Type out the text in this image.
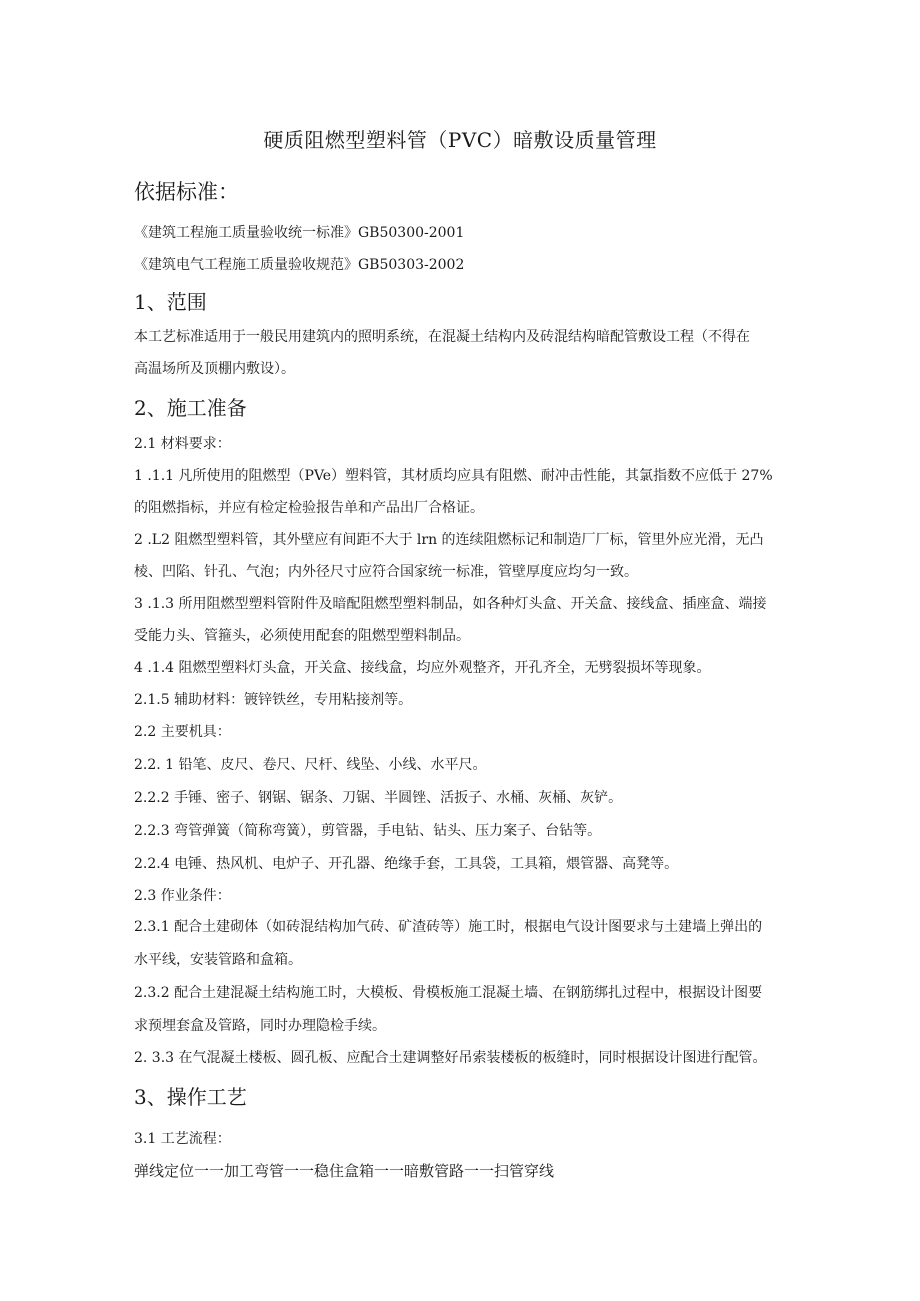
硬质阻燃型塑料管（PVC）暗敷设质量管理
依据标准：
《建筑工程施工质量验收统一标准》GB50300-2001
《建筑电气工程施工质量验收规范》GB50303-2002
1、范围
本工艺标准适用于一般民用建筑内的照明系统，在混凝土结构内及砖混结构暗配管敷设工程（不得在
高温场所及顶棚内敷设）。
2、施工准备
2.1 材料要求：
1 .1.1 凡所使用的阻燃型（PVe）塑料管，其材质均应具有阻燃、耐冲击性能，其氯指数不应低于 27%
的阻燃指标，并应有检定检验报告单和产品出厂合格证。
2 .L2 阻燃型塑料管，其外壁应有间距不大于 lrn 的连续阻燃标记和制造厂厂标，管里外应光滑，无凸
棱、凹陷、针孔、气泡；内外径尺寸应符合国家统一标准，管壁厚度应均匀一致。
3 .1.3 所用阻燃型塑料管附件及暗配阻燃型塑料制品，如各种灯头盒、开关盒、接线盒、插座盒、端接
受能力头、管箍头，必须使用配套的阻燃型塑料制品。
4 .1.4 阻燃型塑料灯头盒，开关盒、接线盒，均应外观整齐，开孔齐全，无劈裂损坏等现象。
2.1.5 辅助材料：镀锌铁丝，专用粘接剂等。
2.2 主要机具：
2.2. 1 铅笔、皮尺、卷尺、尺杆、线坠、小线、水平尺。
2.2.2 手锤、密子、钢锯、锯条、刀锯、半圆锉、活扳子、水桶、灰桶、灰铲。
2.2.3 弯管弹簧（简称弯簧），剪管器，手电钻、钻头、压力案子、台钻等。
2.2.4 电锤、热风机、电炉子、开孔器、绝缘手套，工具袋，工具箱，煨管器、高凳等。
2.3 作业条件：
2.3.1 配合土建砌体（如砖混结构加气砖、矿渣砖等）施工时，根据电气设计图要求与土建墙上弹出的
水平线，安装管路和盒箱。
2.3.2 配合土建混凝土结构施工时，大模板、骨模板施工混凝土墙、在钢筋绑扎过程中，根据设计图要
求预埋套盒及管路，同时办理隐检手续。
2. 3.3 在气混凝土楼板、圆孔板、应配合土建调整好吊索装楼板的板缝时，同时根据设计图进行配管。
3、操作工艺
3.1 工艺流程：
弹线定位一一加工弯管一一稳住盒箱一一暗敷管路一一扫管穿线
